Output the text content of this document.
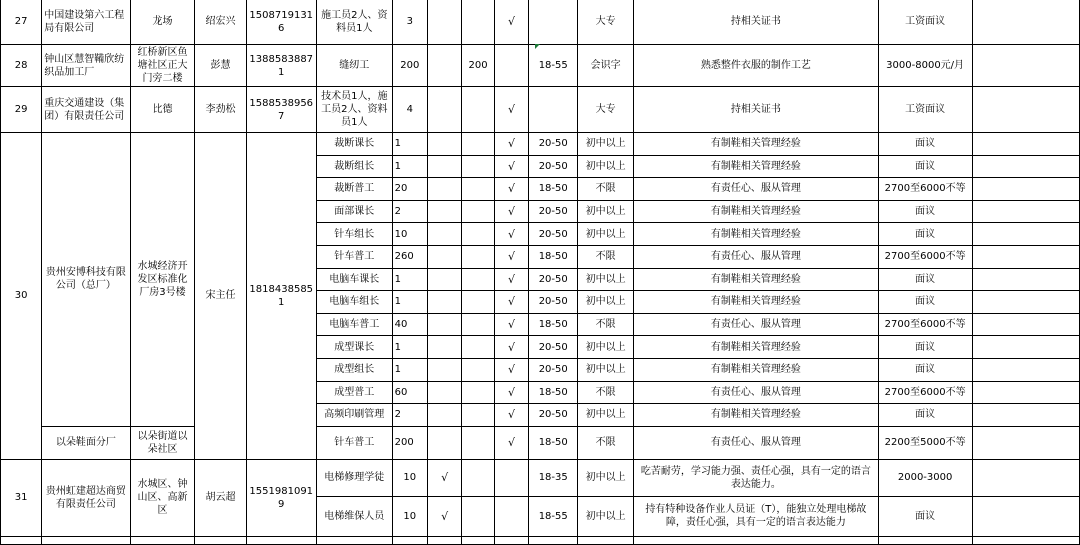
27	中国建设第六工程局有限公司	龙场	绍宏兴	15087191316	施工员2人、资料员1人	3			√		大专	持相关证书	工资面议	
28	钟山区慧智鞴欣纺织品加工厂	红桥新区鱼塘社区正大门旁二楼	彭慧	13885838871	缝纫工	200		200		18-55	会识字	熟悉整件衣服的制作工艺	3000-8000元/月	
29	重庆交通建设（集团）有限责任公司	比德	李劲松	15885389567	技术员1人，施工员2人、资料员1人	4			√		大专	持相关证书	工资面议	
30	贵州安博科技有限公司（总厂）	水城经济开发区标准化厂房3号楼	宋主任	18184385851	裁断课长	1			√	20-50	初中以上	有制鞋相关管理经验	面议	
					裁断组长	1			√	20-50	初中以上	有制鞋相关管理经验	面议	
					裁断普工	20			√	18-50	不限	有责任心、服从管理	2700至6000不等	
					面部课长	2			√	20-50	初中以上	有制鞋相关管理经验	面议	
					针车组长	10			√	20-50	初中以上	有制鞋相关管理经验	面议	
					针车普工	260			√	18-50	不限	有责任心、服从管理	2700至6000不等	
					电脑车课长	1			√	20-50	初中以上	有制鞋相关管理经验	面议	
					电脑车组长	1			√	20-50	初中以上	有制鞋相关管理经验	面议	
					电脑车普工	40			√	18-50	不限	有责任心、服从管理	2700至6000不等	
					成型课长	1			√	20-50	初中以上	有制鞋相关管理经验	面议	
					成型组长	1			√	20-50	初中以上	有制鞋相关管理经验	面议	
					成型普工	60			√	18-50	不限	有责任心、服从管理	2700至6000不等	
					高频印刷管理	2			√	20-50	初中以上	有制鞋相关管理经验	面议	
	以朵鞋面分厂	以朵街道以朵社区			针车普工	200			√	18-50	不限	有责任心、服从管理	2200至5000不等	
31	贵州虹建超达商贸有限责任公司	水城区、钟山区、高新区	胡云超	15519810919	电梯修理学徒	10	√			18-35	初中以上	吃苦耐劳，学习能力强、责任心强，具有一定的语言表达能力。	2000-3000	
					电梯维保人员	10	√			18-55	初中以上	持有特种设备作业人员证（T），能独立处理电梯故障，责任心强，具有一定的语言表达能力	面议	
